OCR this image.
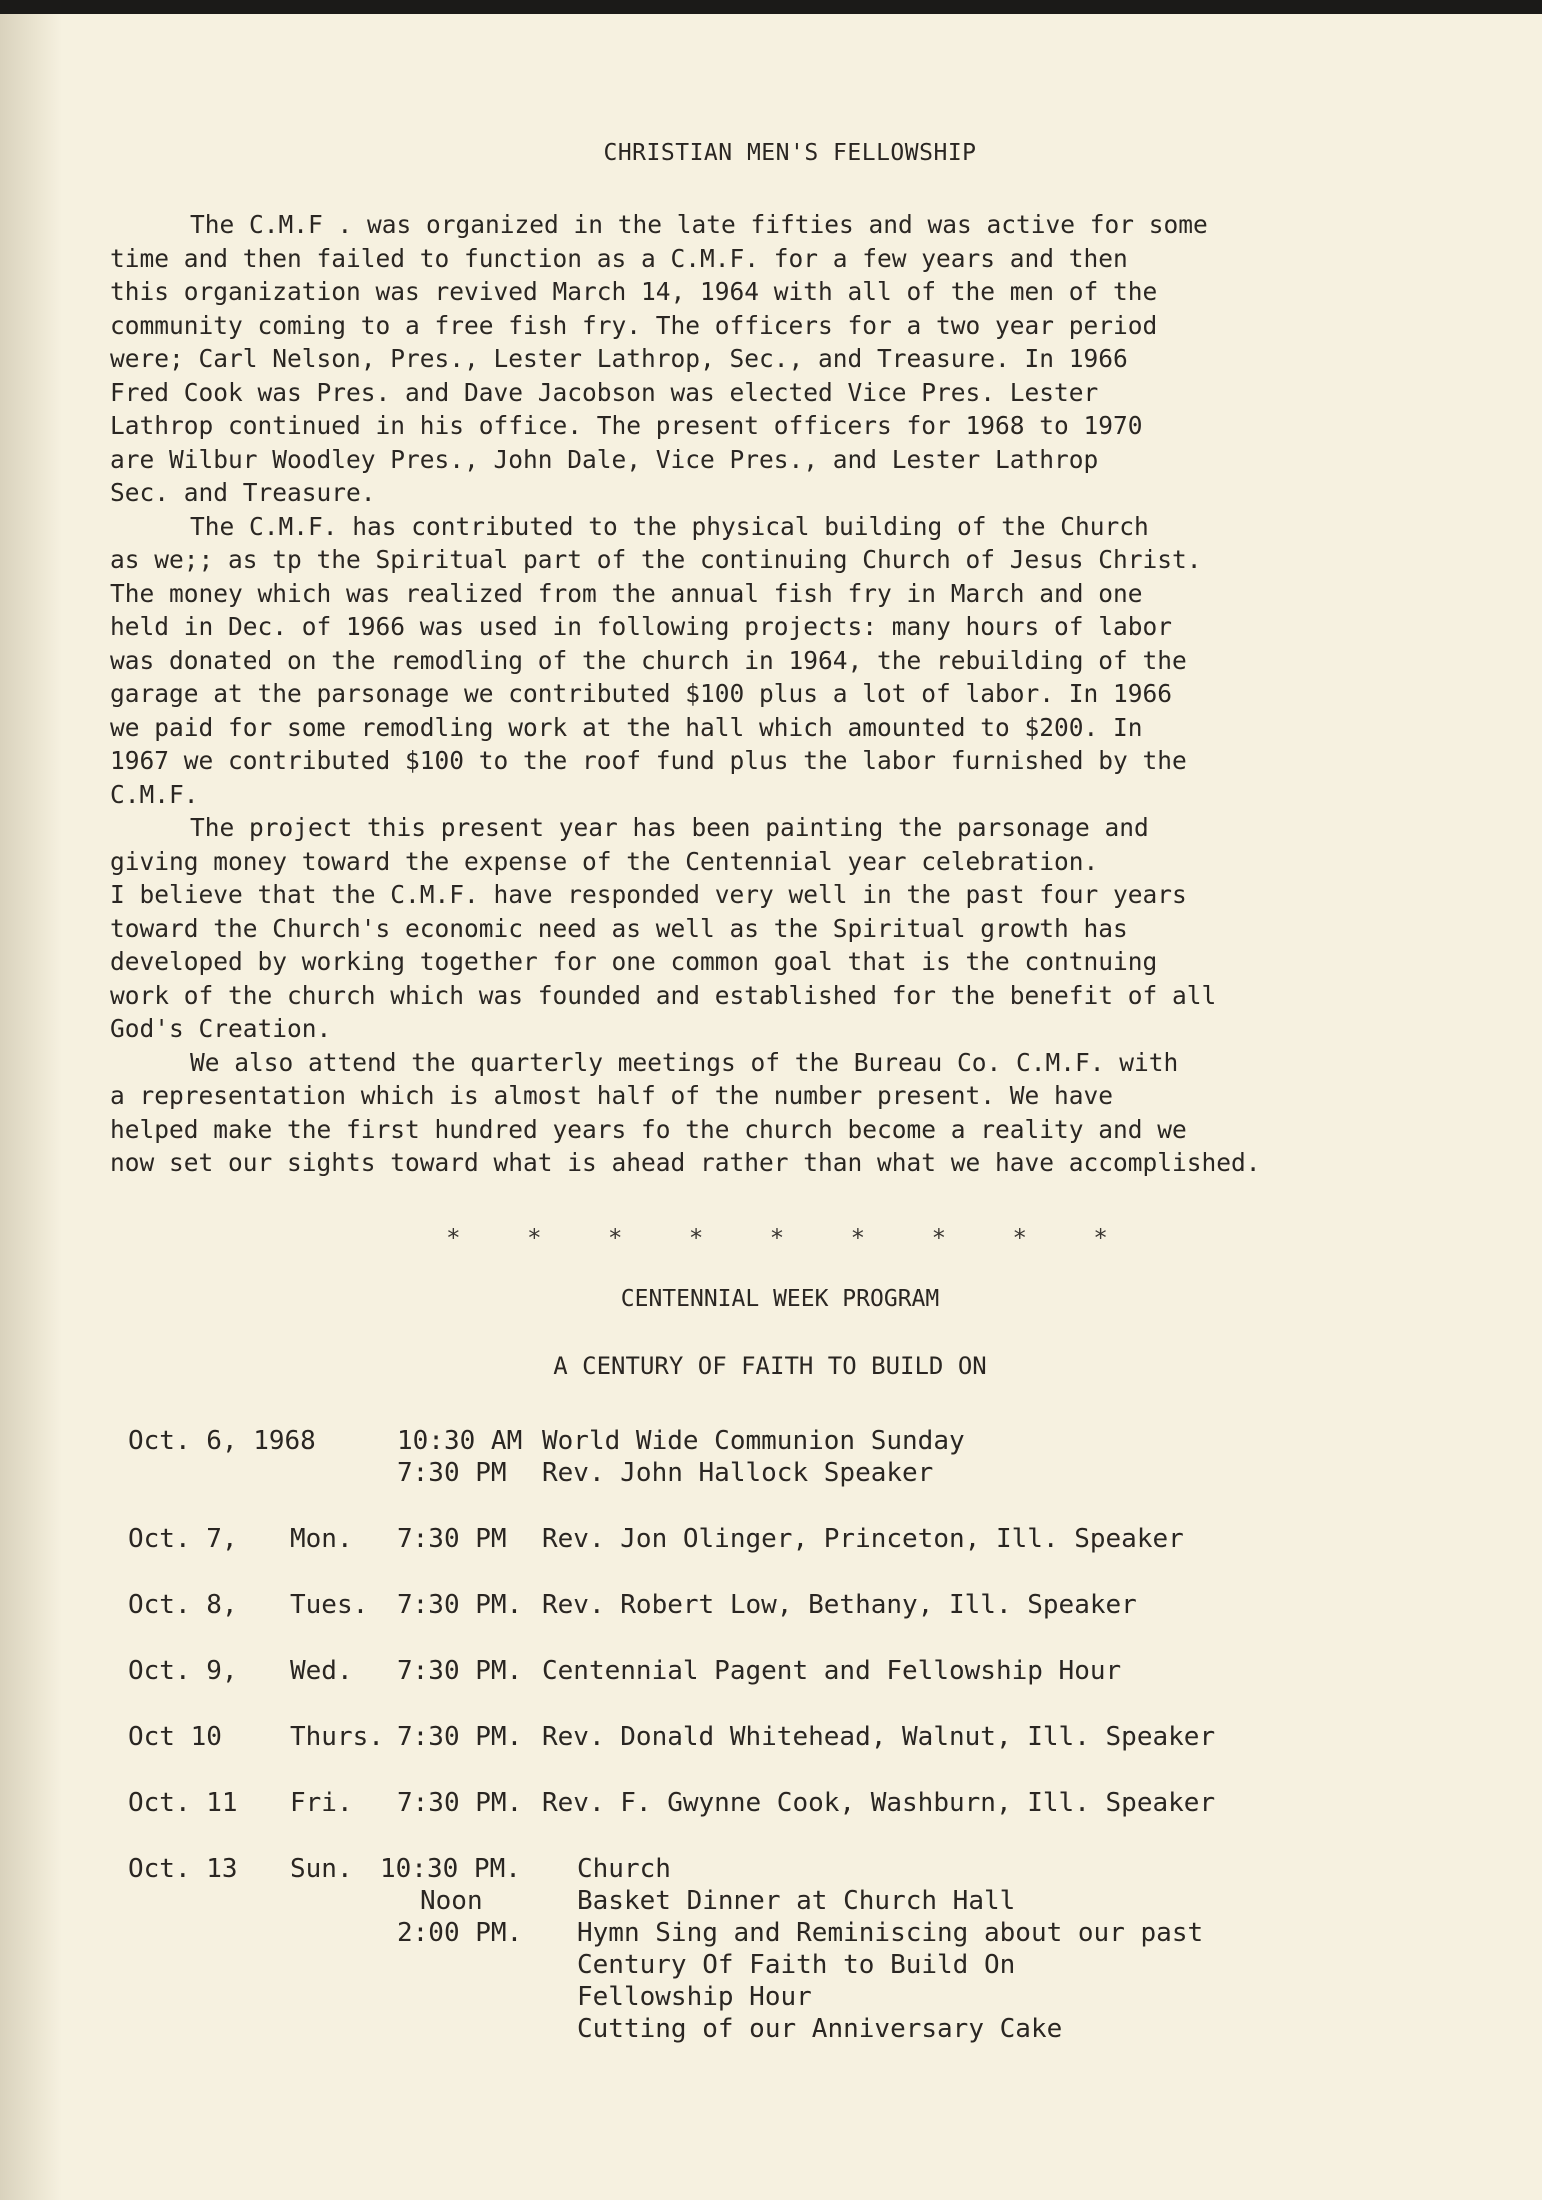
CHRISTIAN MEN'S FELLOWSHIP
The C.M.F . was organized in the late fifties and was active for some
time and then failed to function as a C.M.F. for a few years and then
this organization was revived March 14, 1964 with all of the men of the
community coming to a free fish fry. The officers for a two year period
were; Carl Nelson, Pres., Lester Lathrop, Sec., and Treasure. In 1966
Fred Cook was Pres. and Dave Jacobson was elected Vice Pres. Lester
Lathrop continued in his office. The present officers for 1968 to 1970
are Wilbur Woodley Pres., John Dale, Vice Pres., and Lester Lathrop
Sec. and Treasure.
The C.M.F. has contributed to the physical building of the Church
as we;; as tp the Spiritual part of the continuing Church of Jesus Christ.
The money which was realized from the annual fish fry in March and one
held in Dec. of 1966 was used in following projects: many hours of labor
was donated on the remodling of the church in 1964, the rebuilding of the
garage at the parsonage we contributed $100 plus a lot of labor. In 1966
we paid for some remodling work at the hall which amounted to $200. In
1967 we contributed $100 to the roof fund plus the labor furnished by the
C.M.F.
The project this present year has been painting the parsonage and
giving money toward the expense of the Centennial year celebration.
I believe that the C.M.F. have responded very well in the past four years
toward the Church's economic need as well as the Spiritual growth has
developed by working together for one common goal that is the contnuing
work of the church which was founded and established for the benefit of all
God's Creation.
We also attend the quarterly meetings of the Bureau Co. C.M.F. with
a representation which is almost half of the number present. We have
helped make the first hundred years fo the church become a reality and we
now set our sights toward what is ahead rather than what we have accomplished.
* * * * * * * * *
CENTENNIAL WEEK PROGRAM
A CENTURY OF FAITH TO BUILD ON
Oct. 6, 1968	10:30 AM World Wide Communion Sunday
7:30 PM Rev. John Hallock Speaker
Oct. 7, Mon. 7:30 PM Rev. Jon Olinger, Princeton, Ill. Speaker
Oct. 8, Tues. 7:30 PM. Rev. Robert Low, Bethany, Ill. Speaker
Oct. 9, Wed. 7:30 PM. Centennial Pagent and Fellowship Hour
Oct 10	Thurs. 7:30 PM. Rev. Donald Whitehead, Walnut, Ill. Speaker
Oct. 11 Fri. 7:30 PM. Rev. F. Gwynne Cook, Washburn, Ill. Speaker
Oct. 13 Sun. 10:30 PM. Church
Noon	Basket Dinner at Church Hall
2:00 PM. Hymn Sing and Reminiscing about our past
Century Of Faith to Build On
Fellowship Hour
Cutting of our Anniversary Cake
